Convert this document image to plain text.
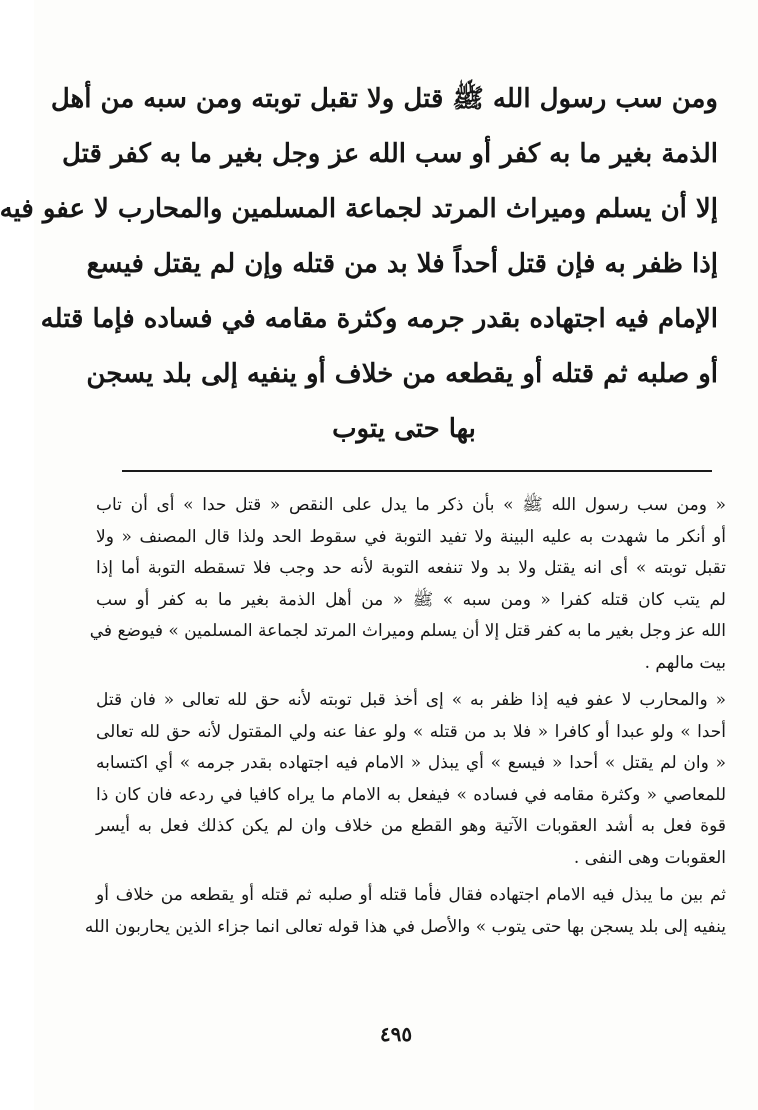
ومن سب رسول الله ﷺ قتل ولا تقبل توبته ومن سبه من أهل
الذمة بغير ما به كفر أو سب الله عز وجل بغير ما به كفر قتل
إلا أن يسلم وميراث المرتد لجماعة المسلمين والمحارب لا عفو فيه
إذا ظفر به فإن قتل أحداً فلا بد من قتله وإن لم يقتل فيسع
الإمام فيه اجتهاده بقدر جرمه وكثرة مقامه في فساده فإما قتله
أو صلبه ثم قتله أو يقطعه من خلاف أو ينفيه إلى بلد يسجن
بها حتى يتوب
« ومن سب رسول الله ﷺ » بأن ذكر ما يدل على النقص « قتل حدا » أى أن تاب
أو أنكر ما شهدت به عليه البينة ولا تفيد التوبة في سقوط الحد ولذا قال المصنف « ولا
تقبل توبته » أى انه يقتل ولا بد ولا تنفعه التوبة لأنه حد وجب فلا تسقطه التوبة أما إذا
لم يتب كان قتله كفرا « ومن سبه » ﷺ « من أهل الذمة بغير ما به كفر أو سب
الله عز وجل بغير ما به كفر قتل إلا أن يسلم وميراث المرتد لجماعة المسلمين » فيوضع في
بيت مالهم .
« والمحارب لا عفو فيه إذا ظفر به » إى أخذ قبل توبته لأنه حق لله تعالى « فان قتل
أحدا » ولو عبدا أو كافرا « فلا بد من قتله » ولو عفا عنه ولي المقتول لأنه حق لله تعالى
« وان لم يقتل » أحدا « فيسع » أي يبذل « الامام فيه اجتهاده بقدر جرمه » أي اكتسابه
للمعاصي « وكثرة مقامه في فساده » فيفعل به الامام ما يراه كافيا في ردعه فان كان ذا
قوة فعل به أشد العقوبات الآتية وهو القطع من خلاف وان لم يكن كذلك فعل به أيسر
العقوبات وهى النفى .
ثم بين ما يبذل فيه الامام اجتهاده فقال فأما قتله أو صلبه ثم قتله أو يقطعه من خلاف أو
ينفيه إلى بلد يسجن بها حتى يتوب » والأصل في هذا قوله تعالى انما جزاء الذين يحاربون الله
٤٩٥
